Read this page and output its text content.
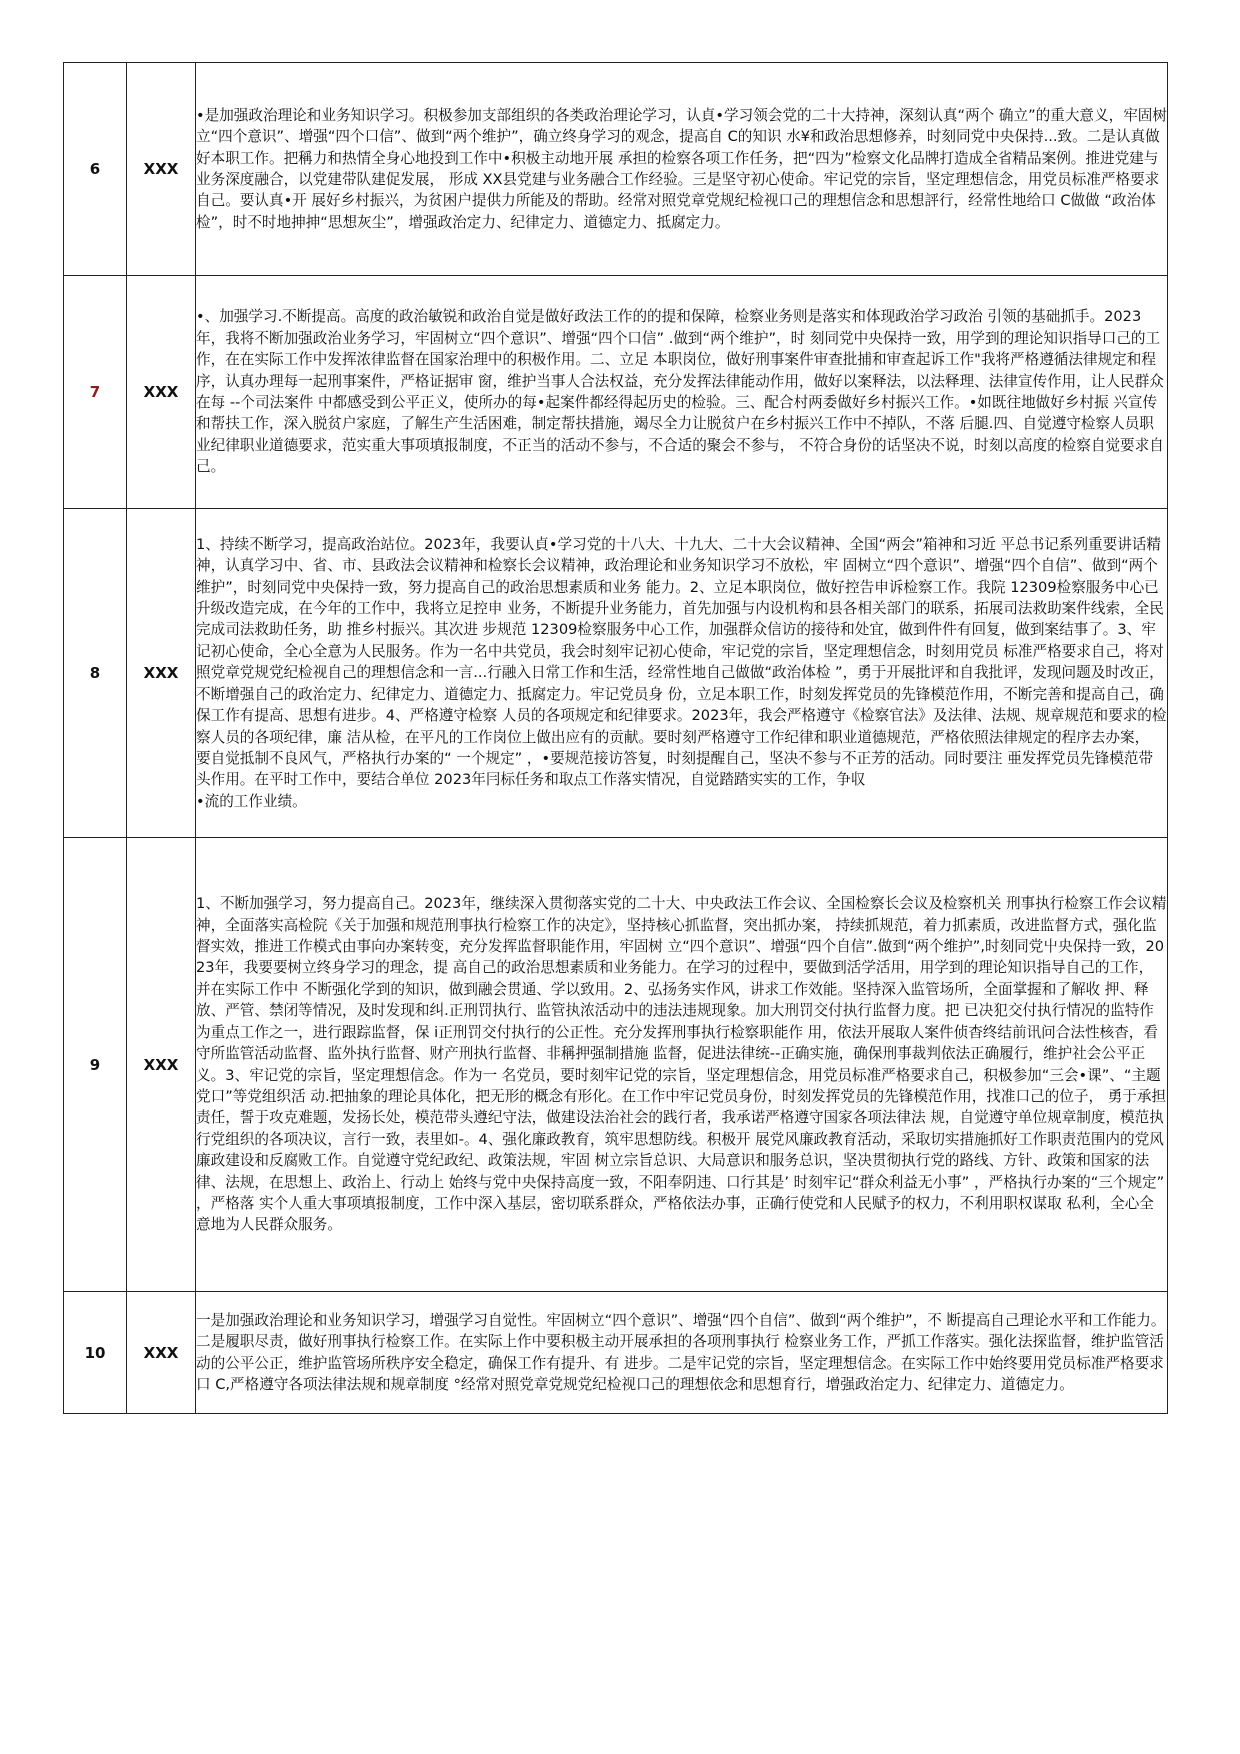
6	XXX	•是加强政治理论和业务知识学习。积极参加支部组织的各类政治理论学习，认貞•学习领会党的二十大持神，深刻认真“两个 确立”的重大意义，牢固树立“四个意识”、增强“四个口信”、做到“两个维护”，确立终身学习的观念，提高自 C的知识 水¥和政治思想修养，时刻同党中央保持...致。二是认真做好本职工作。把稱力和热情全身心地投到工作中•积极主动地开展 承担的检察各项工作任务，把“四为”检察文化品牌打造成全省精品案例。推进党建与业务深度融合，以党建带队建促发展， 形成 XX县党建与业务融合工作经验。三是坚守初心使命。牢记党的宗旨，坚定理想信念，用党员标准严格要求自己。要认真•开 展好乡村振兴，为贫困户提供力所能及的帮助。经常对照党章党规纪检视口己的理想信念和思想評行，经常性地给口 C做做 “政治体检”，时不时地抻抻“思想灰尘”，增强政治定力、纪律定力、道德定力、抵腐定力。

7	XXX	•、加强学习.不断提高。高度的政治敏锐和政治自觉是做好政法工作的的提和保障，检察业务则是落实和体现政治学习政治 引领的基础抓手。2023年，我将不断加强政治业务学习，牢固树立“四个意识”、增强“四个口信” .做到“两个维护”，时 刻同党中央保持一致，用学到的理论知识指导口己的工作，在在实际工作中发挥浓律监督在国家治理中的积极作用。二、立足 本职岗位，做好刑事案件审查批捕和审查起诉工作"我将严格遵循法律规定和程序，认真办理每一起刑事案件，严格证据审 窗，维护当事人合法权益，充分发挥法律能动作用，做好以案释法，以法释理、法律宣传作用，让人民群众在每 --个司法案件 中都感受到公平正义，使所办的每•起案件都经得起历史的检验。三、配合村两委做好乡村振兴工作。•如既往地做好乡村振 兴宣传和帮扶工作，深入脱贫户家庭，了解生产生活困难，制定帮扶措施，竭尽全力让脱贫户在乡村振兴工作中不掉队，不落 后腿.四、自觉遵守检察人员职业纪律职业道德要求，范实重大事项填报制度，不正当的活动不参与，不合适的聚会不参与， 不符合身份的话坚决不说，时刻以高度的检察自觉要求自己。

8	XXX	1、持续不断学习，提高政治站位。2023年，我要认貞•学习党的十八大、十九大、二十大会议精神、全国“两会”箱神和习近 平总书记系列重要讲话精神，认真学习中、省、市、县政法会议精神和检察长会议精神，政治理论和业务知识学习不放松，牢 固树立“四个意识”、增强“四个自信”、做到“两个维护”，时刻同党中央保持一致，努力提高自己的政治思想素质和业务 能力。2、立足本职岗位，做好控告申诉检察工作。我院 12309检察服务中心已升级改造完成，在今年的工作中，我将立足控申 业务，不断提升业务能力，首先加强与内设机构和县各相关部门的联系，拓展司法救助案件线索，全民完成司法救助任务，助 推乡村振兴。其次进 步规范 12309检察服务中心工作，加强群众信访的接待和处宜，做到件件有回复，做到案结事了。3、牢 记初心使命，全心全意为人民服务。作为一名中共党员，我会时刻牢记初心使命，牢记党的宗旨，坚定理想信念，时刻用党员 标准严格要求自己，将对照党章党规党纪检视自己的理想信念和一言...行融入日常工作和生活，经常性地自己做做“政治体检 ”，勇于开展批评和自我批评，发现问题及时改正，不断增强自己的政治定力、纪律定力、道德定力、抵腐定力。牢记党员身 份，立足本职工作，时刻发挥党员的先锋模范作用，不断完善和提高自己，确保工作有提高、思想有进步。4、严格遵守检察 人员的各项规定和纪律要求。2023年，我会严格遵守《检察官法》及法律、法规、规章规范和要求的检察人员的各项纪律，廉 洁从检，在平凡的工作岗位上做出应有的贡献。要时刻严格遵守工作纪律和职业道德规范，严格依照法律规定的程序去办案， 要自觉抵制不良风气，严格执行办案的“ 一个规定” ，•要规范接访答复，时刻提醒自己，坚决不参与不正芳的活动。同时要注 亜发挥党员先锋模范带头作用。在平时工作中，要结合单位 2023年冃标任务和取点工作落实情况，自觉踏踏实实的工作，争収
•流的工作业绩。

9	XXX	1、不断加强学习，努力提高自己。2023年，继续深入贯彻落实党的二十大、中央政法工作会议、全国检察长会议及检察机关 刑事执行检察工作会议精神，全面落实高检院《关于加强和规范刑事执行检察工作的决定》，坚持核心抓监督，突出抓办案， 持续抓规范，着力抓素质，改进监督方式，强化监督实效，推进工作模式由事向办案转变，充分发挥监督职能作用，牢固树 立“四个意识”、增强“四个自信”.做到“两个维护”,时刻同党屮央保持一致，2023年，我要要树立终身学习的理念，提 高自己的政治思想素质和业务能力。在学习的过程中，要做到活学活用，用学到的理论知识指导自己的工作，并在实际工作中 不断强化学到的知识，做到融会贯通、学以致用。2、弘扬务实作风，讲求工作效能。坚持深入监管场所，全面掌握和了解收 押、释放、严管、禁闭等情况，及时发现和纠.正刑罚执行、监管执浓活动中的违法违规现象。加大刑罚交付执行监督力度。把 已决犯交付执行情况的监特作为重点工作之一，进行跟踪监督，保 i正刑罚交付执行的公正性。充分发挥刑事执行检察职能作 用，依法开展取人案件侦杳终结前讯问合法性核杳，看守所监管活动监督、监外执行监督、财产刑执行监督、非稱押强制措施 监督，促进法律统--正确实施，确保刑事裁判依法正确履行，维护社会公平正义。3、牢记党的宗旨，坚定理想信念。作为一 名党员，要时刻牢记党的宗旨，坚定理想信念，用党员标准严格要求自己，积极参加“三会•课”、“主题党口”等党组织活 动.把抽象的理论具体化，把无形的概念有形化。在工作中牢记党员身份，时刻发挥党员的先锋模范作用，找准口己的位子， 勇于承担责任，誓于攻克难题，发扬长处，模范带头遵纪守法，做建设法治社会的践行者，我承诺严格遵守国家各项法律法 规，自觉遵守单位规章制度，模范执行党组织的各项决议，言行一致，表里如-。4、强化廉政教育，筑牢思想防线。积极开 展党风廉政教育活动，采取切实措施抓好工作职责范围内的党风廉政建设和反腐败工作。自觉遵守党纪政纪、政策法规，牢固 树立宗旨总识、大局意识和服务总识，坚决贯彻执行党的路线、方针、政策和国家的法律、法规，在思想上、政治上、行动上 始终与党中央保持高度一致，不阳奉阴违、口行其是’ 时刻牢记“群众利益无小事” ，严格执行办案的“三个规定” ，严格落 实个人重大事项填报制度，工作中深入基层，密切联系群众，严格依法办事，正确行使党和人民赋予的权力，不利用职权谋取 私利，全心全意地为人民群众服务。

10	XXX	一是加强政治理论和业务知识学习，增强学习自觉性。牢固树立“四个意识”、增强“四个自信”、做到“两个维护”，不 断提高自己理论水平和工作能力。二是履职尽责，做好刑事执行检察工作。在实际上作中要积极主动开展承担的各项刑事执行 检察业务工作，严抓工作落实。强化法探监督，维护监管活动的公平公正，维护监管场所秩序安全稳定，确保工作有提升、有 进步。二是牢记党的宗旨，坚定理想信念。在实际工作中始终要用党员标准严格要求口 C,严格遵守各项法律法规和规章制度 °经常对照党章党规党纪检视口己的理想依念和思想育行，增强政治定力、纪律定力、道德定力。
